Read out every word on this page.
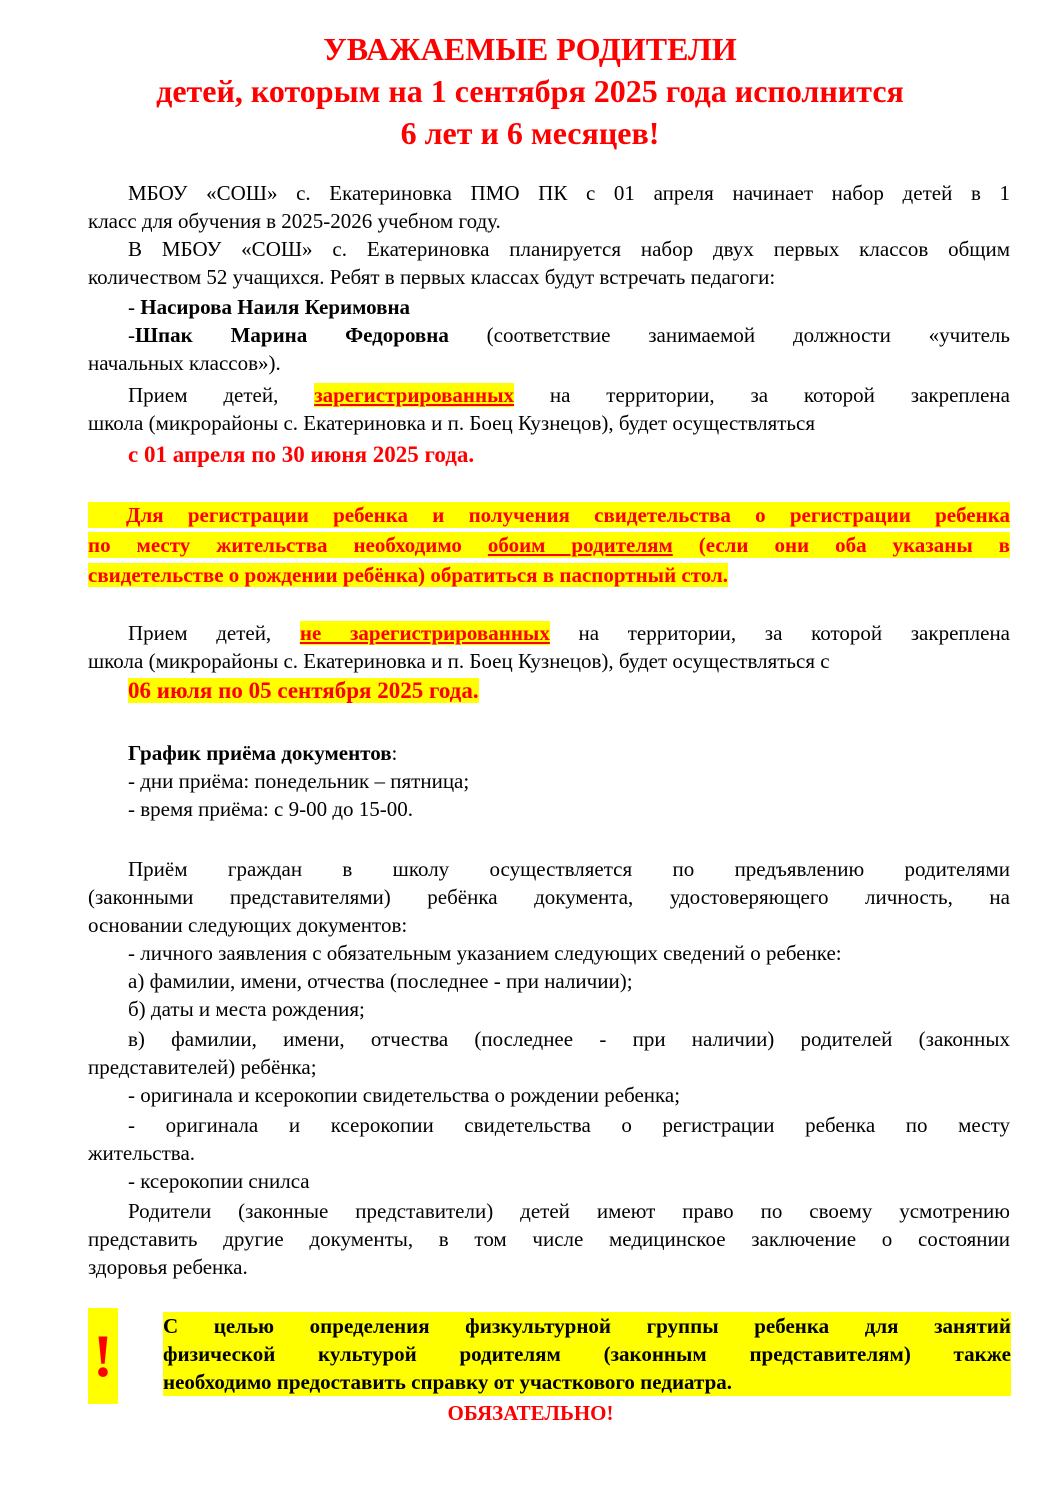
УВАЖАЕМЫЕ РОДИТЕЛИ
детей, которым на 1 сентября 2025 года исполнится
6 лет и 6 месяцев!
МБОУ «СОШ» с. Екатериновка ПМО ПК с 01 апреля начинает набор детей в 1
класс для обучения в 2025-2026 учебном году.
В МБОУ «СОШ» с. Екатериновка планируется набор двух первых классов общим
количеством 52 учащихся. Ребят в первых классах будут встречать педагоги:
- Насирова Наиля Керимовна
-Шпак Марина Федоровна (соответствие занимаемой должности «учитель
начальных классов»).
Прием детей, зарегистрированных на территории, за которой закреплена
школа (микрорайоны с. Екатериновка и п. Боец Кузнецов), будет осуществляться
с 01 апреля по 30 июня 2025 года.
Для регистрации ребенка и получения свидетельства о регистрации ребенка
по месту жительства необходимо обоим родителям (если они оба указаны в
свидетельстве о рождении ребёнка) обратиться в паспортный стол.
Прием детей, не зарегистрированных на территории, за которой закреплена
школа (микрорайоны с. Екатериновка и п. Боец Кузнецов), будет осуществляться с
06 июля по 05 сентября 2025 года.
График приёма документов:
- дни приёма: понедельник – пятница;
- время приёма: с 9-00 до 15-00.
Приём граждан в школу осуществляется по предъявлению родителями
(законными представителями) ребёнка документа, удостоверяющего личность, на
основании следующих документов:
- личного заявления с обязательным указанием следующих сведений о ребенке:
а) фамилии, имени, отчества (последнее - при наличии);
б) даты и места рождения;
в) фамилии, имени, отчества (последнее - при наличии) родителей (законных
представителей) ребёнка;
- оригинала и ксерокопии свидетельства о рождении ребенка;
- оригинала и ксерокопии свидетельства о регистрации ребенка по месту
жительства.
- ксерокопии снилса
Родители (законные представители) детей имеют право по своему усмотрению
представить другие документы, в том числе медицинское заключение о состоянии
здоровья ребенка.
! С целью определения физкультурной группы ребенка для занятий
физической культурой родителям (законным представителям) также
необходимо предоставить справку от участкового педиатра.
ОБЯЗАТЕЛЬНО!
